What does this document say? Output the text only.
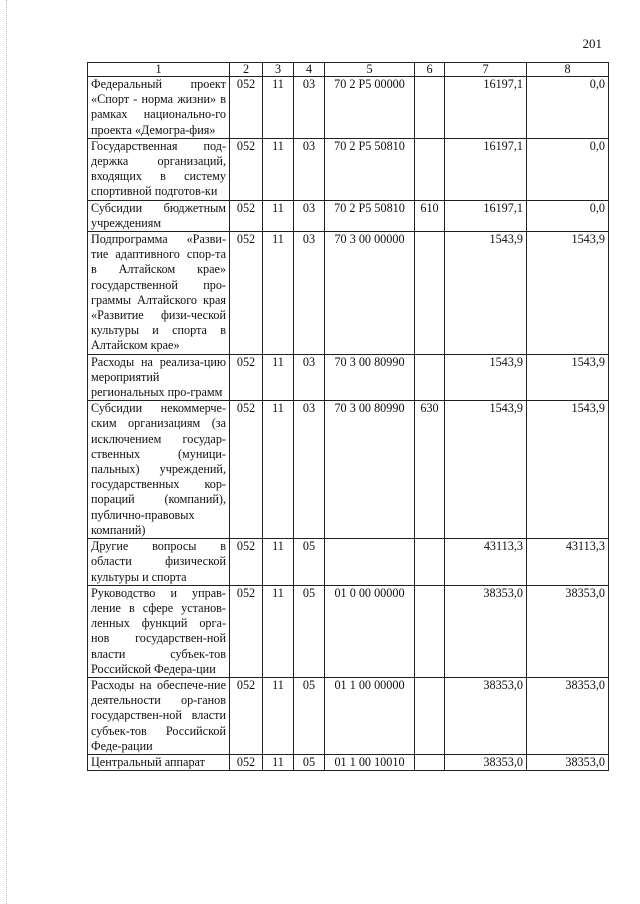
201
1	2	3	4	5	6	7	8
Федеральный проект «Спорт - норма жизни» в рамках национально-го проекта «Демогра-фия»	052	11	03	70 2 P5 00000		16197,1	0,0
Государственная под-держка организаций, входящих в систему спортивной подготов-ки	052	11	03	70 2 P5 50810		16197,1	0,0
Субсидии бюджетным учреждениям	052	11	03	70 2 P5 50810	610	16197,1	0,0
Подпрограмма «Разви-тие адаптивного спор-та в Алтайском крае» государственной про-граммы Алтайского края «Развитие физи-ческой культуры и спорта в Алтайском крае»	052	11	03	70 3 00 00000		1543,9	1543,9
Расходы на реализа-цию мероприятий региональных про-грамм	052	11	03	70 3 00 80990		1543,9	1543,9
Субсидии некоммерче-ским организациям (за исключением государ-ственных (муници-пальных) учреждений, государственных кор-пораций (компаний), публично-правовых компаний)	052	11	03	70 3 00 80990	630	1543,9	1543,9
Другие вопросы в области физической культуры и спорта	052	11	05			43113,3	43113,3
Руководство и управ-ление в сфере установ-ленных функций орга-нов государствен-ной власти субъек-тов Российской Федера-ции	052	11	05	01 0 00 00000		38353,0	38353,0
Расходы на обеспече-ние деятельности ор-ганов государствен-ной власти субъек-тов Российской Феде-рации	052	11	05	01 1 00 00000		38353,0	38353,0
Центральный аппарат	052	11	05	01 1 00 10010		38353,0	38353,0
